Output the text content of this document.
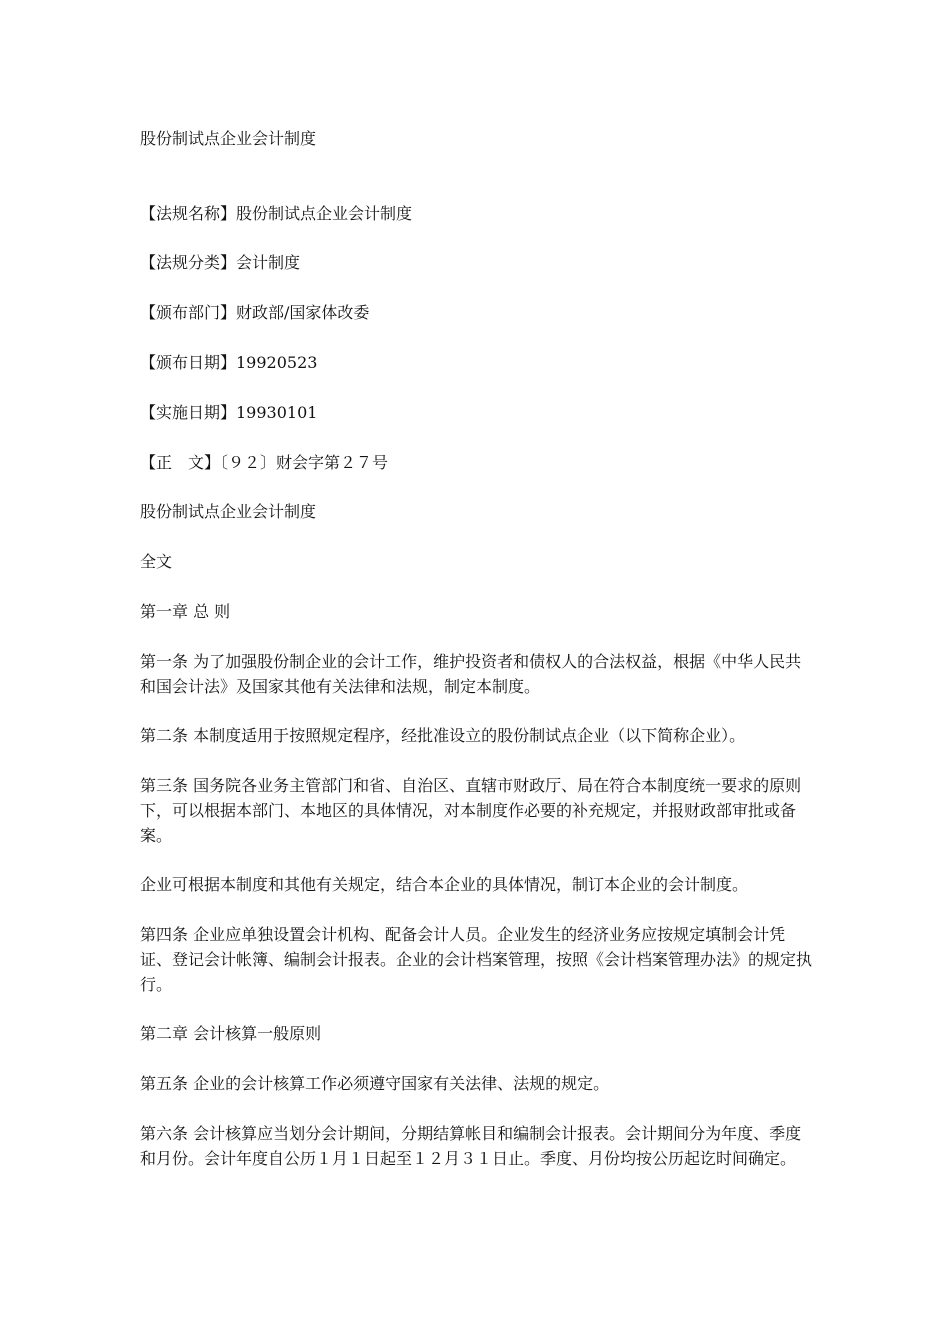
股份制试点企业会计制度

【法规名称】股份制试点企业会计制度

【法规分类】会计制度

【颁布部门】财政部/国家体改委

【颁布日期】19920523

【实施日期】19930101

【正　文】〔９２〕财会字第２７号

股份制试点企业会计制度

全文

第一章 总 则

第一条 为了加强股份制企业的会计工作，维护投资者和债权人的合法权益，根据《中华人民共和国会计法》及国家其他有关法律和法规，制定本制度。

第二条 本制度适用于按照规定程序，经批准设立的股份制试点企业（以下简称企业）。

第三条 国务院各业务主管部门和省、自治区、直辖市财政厅、局在符合本制度统一要求的原则下，可以根据本部门、本地区的具体情况，对本制度作必要的补充规定，并报财政部审批或备案。

企业可根据本制度和其他有关规定，结合本企业的具体情况，制订本企业的会计制度。

第四条 企业应单独设置会计机构、配备会计人员。企业发生的经济业务应按规定填制会计凭证、登记会计帐簿、编制会计报表。企业的会计档案管理，按照《会计档案管理办法》的规定执行。

第二章 会计核算一般原则

第五条 企业的会计核算工作必须遵守国家有关法律、法规的规定。

第六条 会计核算应当划分会计期间，分期结算帐目和编制会计报表。会计期间分为年度、季度和月份。会计年度自公历１月１日起至１２月３１日止。季度、月份均按公历起讫时间确定。
